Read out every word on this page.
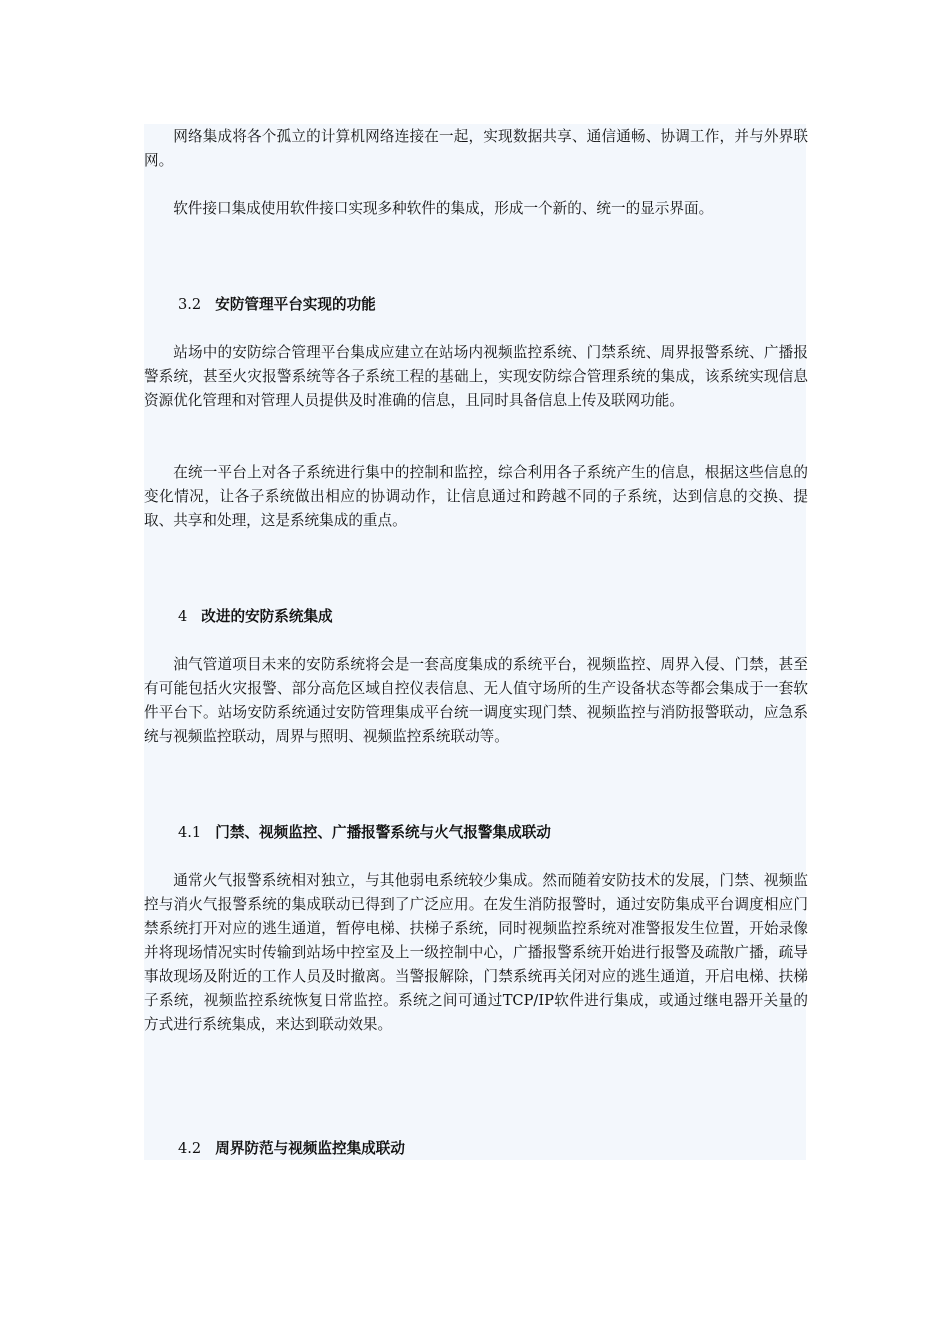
网络集成将各个孤立的计算机网络连接在一起，实现数据共享、通信通畅、协调工作，并与外界联网。

软件接口集成使用软件接口实现多种软件的集成，形成一个新的、统一的显示界面。

3.2 安防管理平台实现的功能

站场中的安防综合管理平台集成应建立在站场内视频监控系统、门禁系统、周界报警系统、广播报警系统，甚至火灾报警系统等各子系统工程的基础上，实现安防综合管理系统的集成，该系统实现信息资源优化管理和对管理人员提供及时准确的信息，且同时具备信息上传及联网功能。

在统一平台上对各子系统进行集中的控制和监控，综合利用各子系统产生的信息，根据这些信息的变化情况，让各子系统做出相应的协调动作，让信息通过和跨越不同的子系统，达到信息的交换、提取、共享和处理，这是系统集成的重点。

4 改进的安防系统集成

油气管道项目未来的安防系统将会是一套高度集成的系统平台，视频监控、周界入侵、门禁，甚至有可能包括火灾报警、部分高危区域自控仪表信息、无人值守场所的生产设备状态等都会集成于一套软件平台下。站场安防系统通过安防管理集成平台统一调度实现门禁、视频监控与消防报警联动，应急系统与视频监控联动，周界与照明、视频监控系统联动等。

4.1 门禁、视频监控、广播报警系统与火气报警集成联动

通常火气报警系统相对独立，与其他弱电系统较少集成。然而随着安防技术的发展，门禁、视频监控与消火气报警系统的集成联动已得到了广泛应用。在发生消防报警时，通过安防集成平台调度相应门禁系统打开对应的逃生通道，暂停电梯、扶梯子系统，同时视频监控系统对准警报发生位置，开始录像并将现场情况实时传输到站场中控室及上一级控制中心，广播报警系统开始进行报警及疏散广播，疏导事故现场及附近的工作人员及时撤离。当警报解除，门禁系统再关闭对应的逃生通道，开启电梯、扶梯子系统，视频监控系统恢复日常监控。系统之间可通过TCP/IP软件进行集成，或通过继电器开关量的方式进行系统集成，来达到联动效果。

4.2 周界防范与视频监控集成联动
